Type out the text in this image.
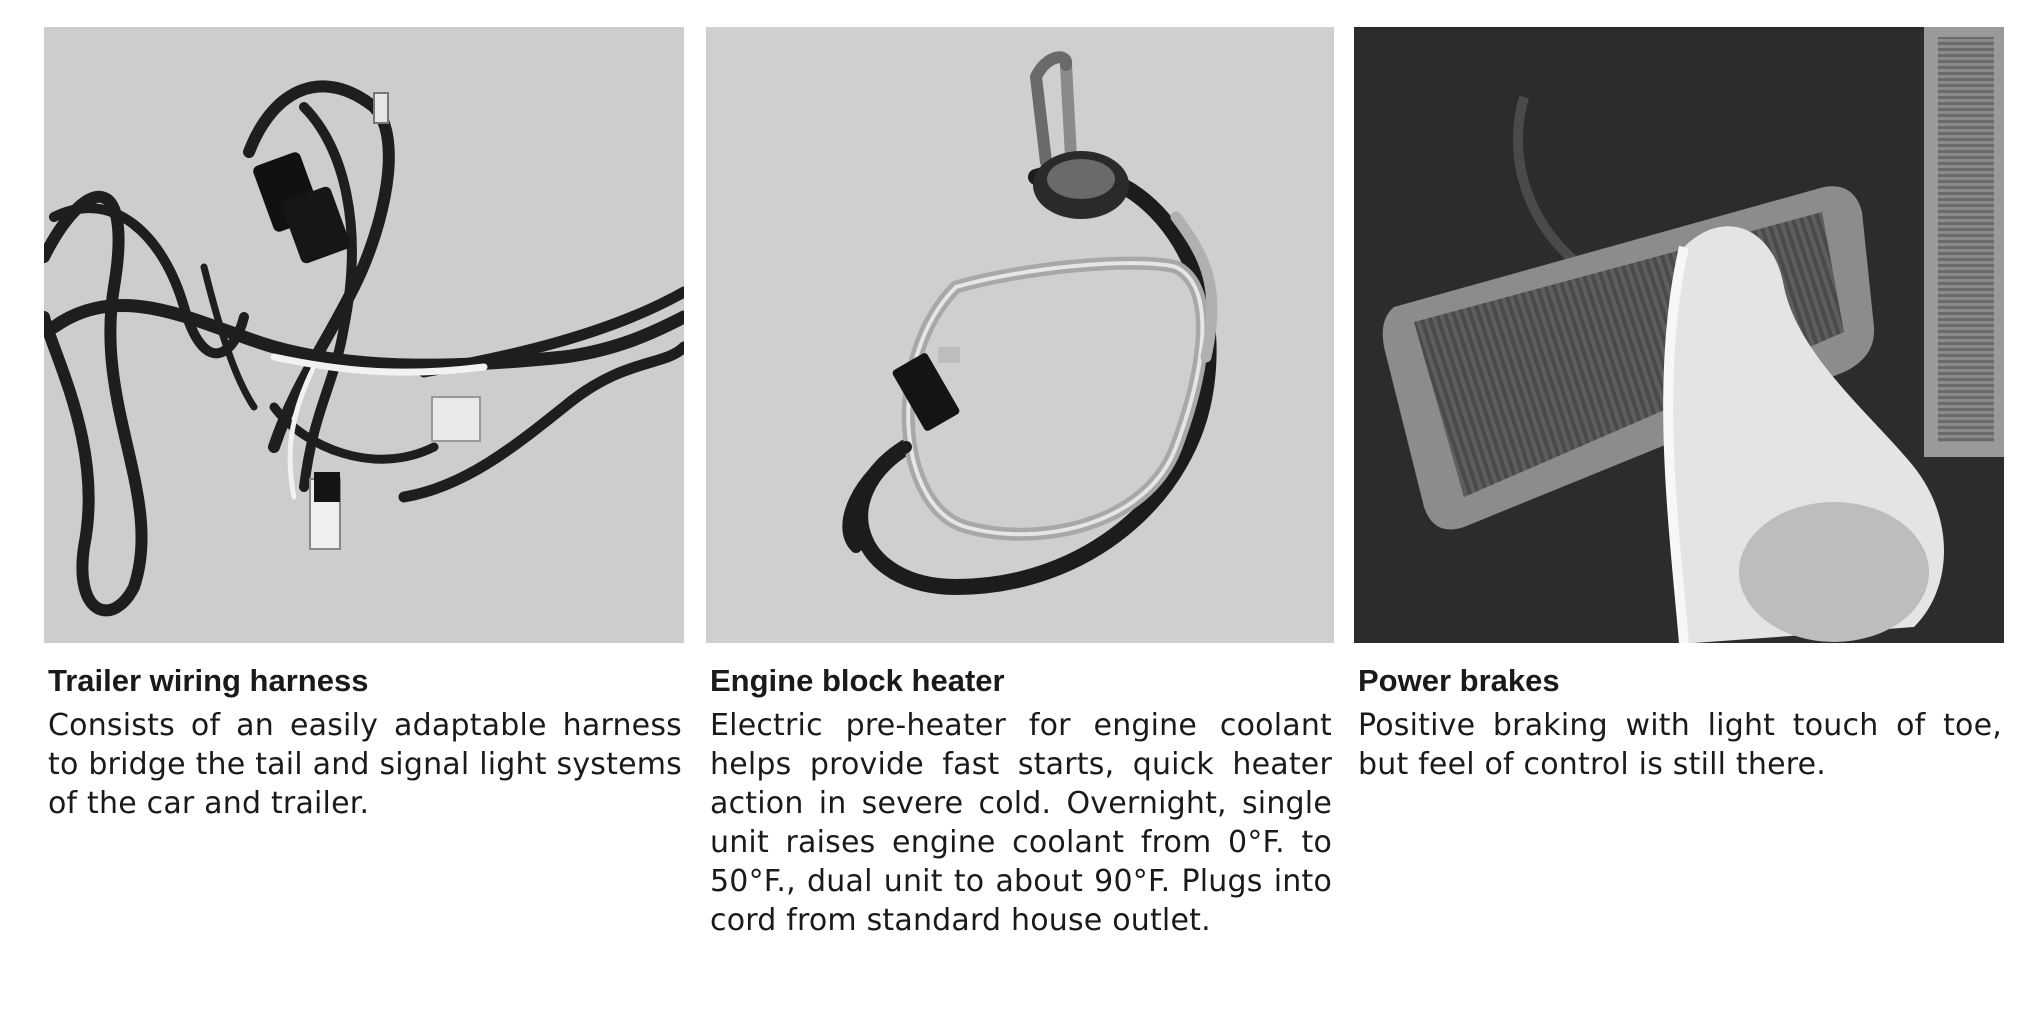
Trailer wiring harness

Consists of an easily adaptable harness to bridge the tail and signal light systems of the car and trailer.

Engine block heater

Electric pre-heater for engine coolant helps provide fast starts, quick heater action in severe cold. Overnight, single unit raises engine coolant from 0°F. to 50°F., dual unit to about 90°F. Plugs into cord from standard house outlet.

Power brakes

Positive braking with light touch of toe, but feel of control is still there.
